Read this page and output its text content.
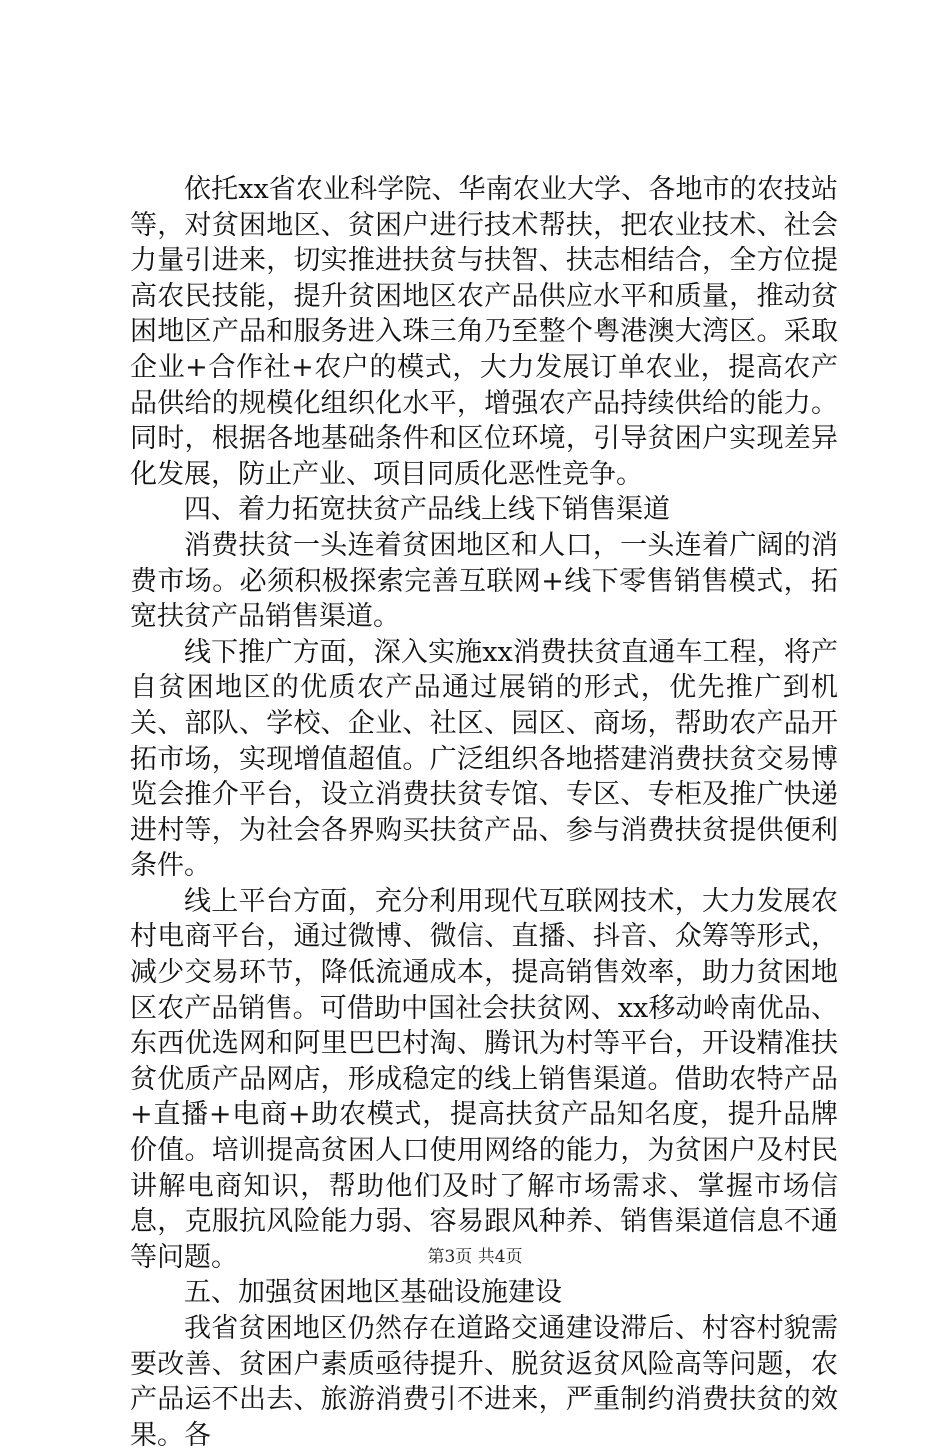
依托xx省农业科学院、华南农业大学、各地市的农技站等，对贫困地区、贫困户进行技术帮扶，把农业技术、社会力量引进来，切实推进扶贫与扶智、扶志相结合，全方位提高农民技能，提升贫困地区农产品供应水平和质量，推动贫困地区产品和服务进入珠三角乃至整个粤港澳大湾区。采取企业+合作社+农户的模式，大力发展订单农业，提高农产品供给的规模化组织化水平，增强农产品持续供给的能力。同时，根据各地基础条件和区位环境，引导贫困户实现差异化发展，防止产业、项目同质化恶性竞争。

四、着力拓宽扶贫产品线上线下销售渠道

消费扶贫一头连着贫困地区和人口，一头连着广阔的消费市场。必须积极探索完善互联网+线下零售销售模式，拓宽扶贫产品销售渠道。

线下推广方面，深入实施xx消费扶贫直通车工程，将产自贫困地区的优质农产品通过展销的形式，优先推广到机关、部队、学校、企业、社区、园区、商场，帮助农产品开拓市场，实现增值超值。广泛组织各地搭建消费扶贫交易博览会推介平台，设立消费扶贫专馆、专区、专柜及推广快递进村等，为社会各界购买扶贫产品、参与消费扶贫提供便利条件。

线上平台方面，充分利用现代互联网技术，大力发展农村电商平台，通过微博、微信、直播、抖音、众筹等形式，减少交易环节，降低流通成本，提高销售效率，助力贫困地区农产品销售。可借助中国社会扶贫网、xx移动岭南优品、东西优选网和阿里巴巴村淘、腾讯为村等平台，开设精准扶贫优质产品网店，形成稳定的线上销售渠道。借助农特产品+直播+电商+助农模式，提高扶贫产品知名度，提升品牌价值。培训提高贫困人口使用网络的能力，为贫困户及村民讲解电商知识，帮助他们及时了解市场需求、掌握市场信息，克服抗风险能力弱、容易跟风种养、销售渠道信息不通等问题。

五、加强贫困地区基础设施建设

我省贫困地区仍然存在道路交通建设滞后、村容村貌需要改善、贫困户素质亟待提升、脱贫返贫风险高等问题，农产品运不出去、旅游消费引不进来，严重制约消费扶贫的效果。各

第3页 共4页
